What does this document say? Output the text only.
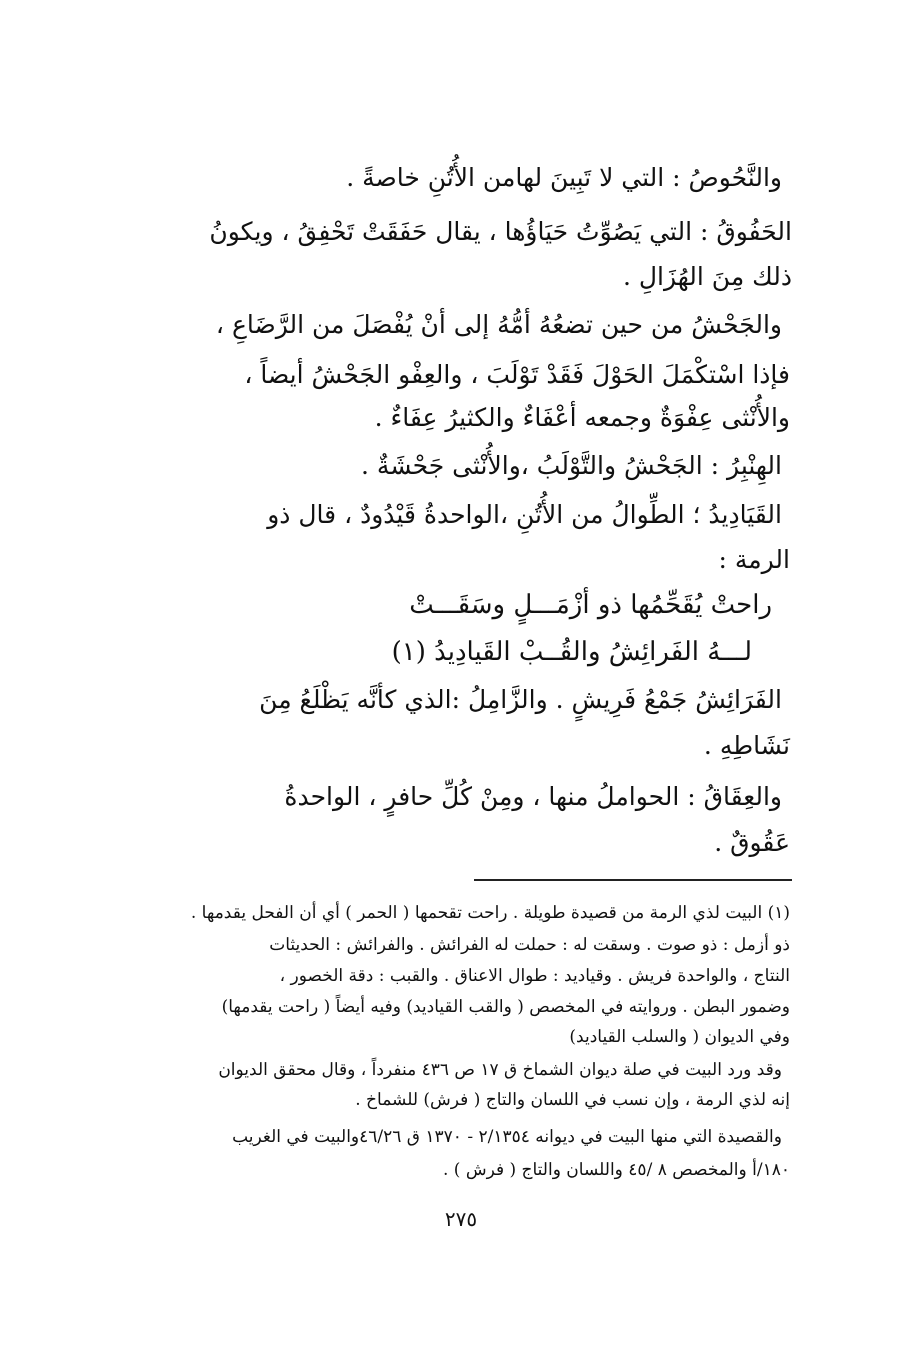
والنَّحُوصُ : التي لا تَبِينَ لهامن الأُتُنِ خاصةً .
الحَفُوقُ : التي يَصُوِّتُ حَيَاؤُها ، يقال حَفَقَتْ تَحْفِقُ ، ويكونُ
ذلك مِنَ الهُزَالِ .
والجَحْشُ من حين تضعُهُ أمُّهُ إلى أنْ يُفْصَلَ من الرَّضَاعِ ،
فإذا اسْتكْمَلَ الحَوْلَ فَقَدْ تَوْلَبَ ، والعِفْو الجَحْشُ أيضاً ،
والأُنْثى عِفْوَةٌ وجمعه أعْفَاءٌ والكثيرُ عِفَاءٌ .
الهِنْبِرُ : الجَحْشُ والتَّوْلَبُ ،والأُنْثى جَحْشَةٌ .
القَيَادِيدُ ؛ الطِّوالُ من الأُتُنِ ،الواحدةُ قَيْدُودٌ ، قال ذو
الرمة :
راحتْ يُقَحِّمُها ذو أزْمَـــلٍ وسَقَـــتْ
لـــهُ الفَرائِشُ والقُــبْ القَيادِيدُ (١)
الفَرَائِشُ جَمْعُ فَرِيشٍ . والزَّامِلُ :الذي كأنَّه يَظْلَعُ مِنَ
نَشَاطِهِ .
والعِقَاقُ : الحواملُ منها ، ومِنْ كُلِّ حافرٍ ، الواحدةُ
عَقُوقٌ .
(١) البيت لذي الرمة من قصيدة طويلة . راحت تقحمها ( الحمر ) أي أن الفحل يقدمها .
ذو أزمل : ذو صوت . وسقت له : حملت له الفرائش . والفرائش : الحديثات
النتاج ، والواحدة فريش . وقياديد : طوال الاعناق . والقبب : دقة الخصور ،
وضمور البطن . وروايته في المخصص ( والقب القياديد) وفيه أيضاً ( راحت يقدمها)
وفي الديوان ( والسلب القياديد)
وقد ورد البيت في صلة ديوان الشماخ ق ١٧ ص ٤٣٦ منفرداً ، وقال محقق الديوان
إنه لذي الرمة ، وإن نسب في اللسان والتاج ( فرش) للشماخ .
والقصيدة التي منها البيت في ديوانه ٢/١٣٥٤ - ١٣٧٠ ق ٤٦/٢٦والبيت في الغريب
١٨٠/أ والمخصص ٨ /٤٥ واللسان والتاج ( فرش ) .
٢٧٥
